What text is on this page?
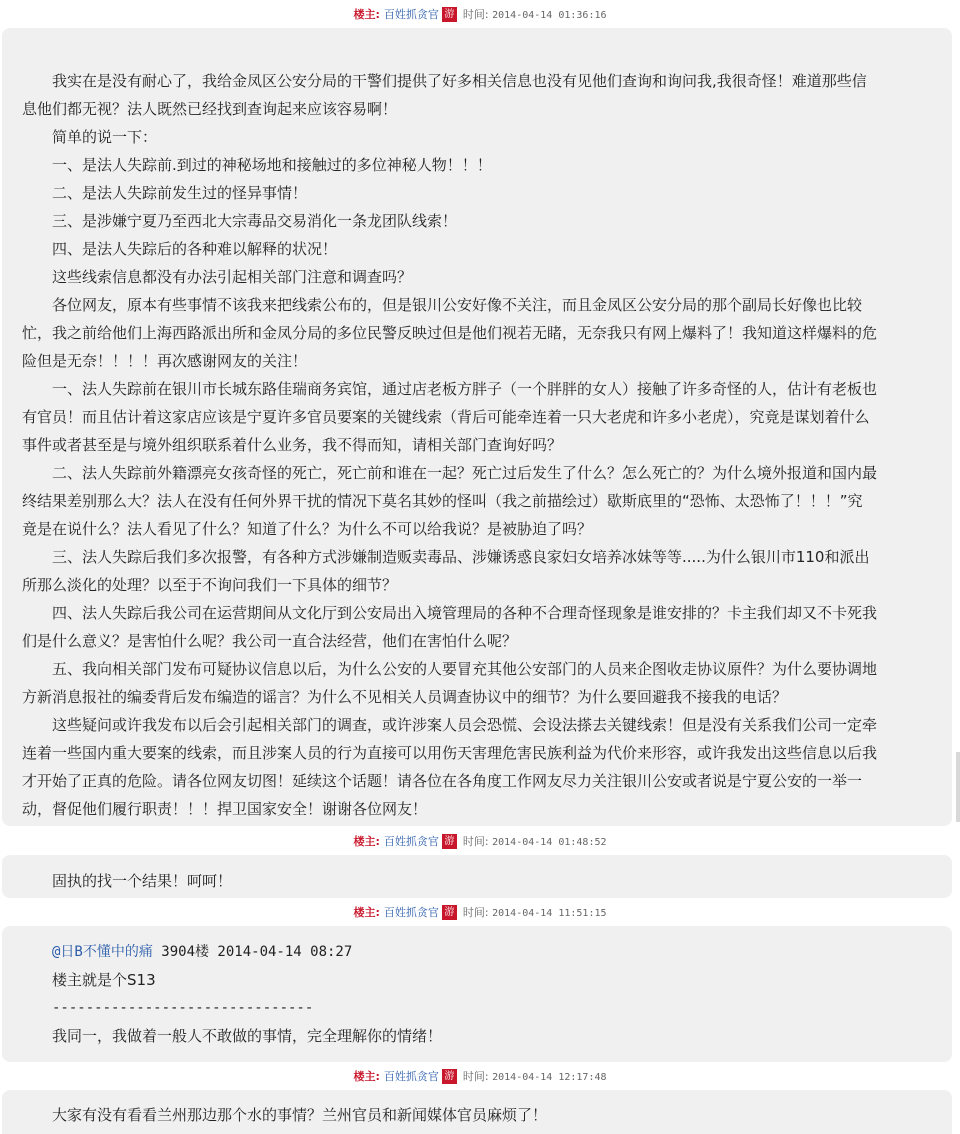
楼主: 百姓抓贪官 游 时间: 2014-04-14 01:36:16
我实在是没有耐心了，我给金凤区公安分局的干警们提供了好多相关信息也没有见他们查询和询问我,我很奇怪！难道那些信
息他们都无视？法人既然已经找到查询起来应该容易啊！
简单的说一下：
一、是法人失踪前.到过的神秘场地和接触过的多位神秘人物！！！
二、是法人失踪前发生过的怪异事情！
三、是涉嫌宁夏乃至西北大宗毒品交易消化一条龙团队线索！
四、是法人失踪后的各种难以解释的状况！
这些线索信息都没有办法引起相关部门注意和调查吗？
各位网友，原本有些事情不该我来把线索公布的，但是银川公安好像不关注，而且金凤区公安分局的那个副局长好像也比较
忙，我之前给他们上海西路派出所和金凤分局的多位民警反映过但是他们视若无睹，无奈我只有网上爆料了！我知道这样爆料的危
险但是无奈！！！！再次感谢网友的关注！
一、法人失踪前在银川市长城东路佳瑞商务宾馆，通过店老板方胖子（一个胖胖的女人）接触了许多奇怪的人，估计有老板也
有官员！而且估计着这家店应该是宁夏许多官员要案的关键线索（背后可能牵连着一只大老虎和许多小老虎），究竟是谋划着什么
事件或者甚至是与境外组织联系着什么业务，我不得而知，请相关部门查询好吗？
二、法人失踪前外籍漂亮女孩奇怪的死亡，死亡前和谁在一起？死亡过后发生了什么？怎么死亡的？为什么境外报道和国内最
终结果差别那么大？法人在没有任何外界干扰的情况下莫名其妙的怪叫（我之前描绘过）歇斯底里的“恐怖、太恐怖了！！！”究
竟是在说什么？法人看见了什么？知道了什么？为什么不可以给我说？是被胁迫了吗？
三、法人失踪后我们多次报警，有各种方式涉嫌制造贩卖毒品、涉嫌诱惑良家妇女培养冰妹等等.....为什么银川市110和派出
所那么淡化的处理？以至于不询问我们一下具体的细节？
四、法人失踪后我公司在运营期间从文化厅到公安局出入境管理局的各种不合理奇怪现象是谁安排的？卡主我们却又不卡死我
们是什么意义？是害怕什么呢？我公司一直合法经营，他们在害怕什么呢？
五、我向相关部门发布可疑协议信息以后，为什么公安的人要冒充其他公安部门的人员来企图收走协议原件？为什么要协调地
方新消息报社的编委背后发布编造的谣言？为什么不见相关人员调查协议中的细节？为什么要回避我不接我的电话？
这些疑问或许我发布以后会引起相关部门的调查，或许涉案人员会恐慌、会设法搽去关键线索！但是没有关系我们公司一定牵
连着一些国内重大要案的线索，而且涉案人员的行为直接可以用伤天害理危害民族利益为代价来形容，或许我发出这些信息以后我
才开始了正真的危险。请各位网友切图！延续这个话题！请各位在各角度工作网友尽力关注银川公安或者说是宁夏公安的一举一
动，督促他们履行职责！！！捍卫国家安全！谢谢各位网友！
楼主: 百姓抓贪官 游 时间: 2014-04-14 01:48:52
固执的找一个结果！呵呵！
楼主: 百姓抓贪官 游 时间: 2014-04-14 11:51:15
@日B不懂中的痛 3904楼 2014-04-14 08:27
楼主就是个S13
-------------------------------
我同一，我做着一般人不敢做的事情，完全理解你的情绪！
楼主: 百姓抓贪官 游 时间: 2014-04-14 12:17:48
大家有没有看看兰州那边那个水的事情？兰州官员和新闻媒体官员麻烦了！
